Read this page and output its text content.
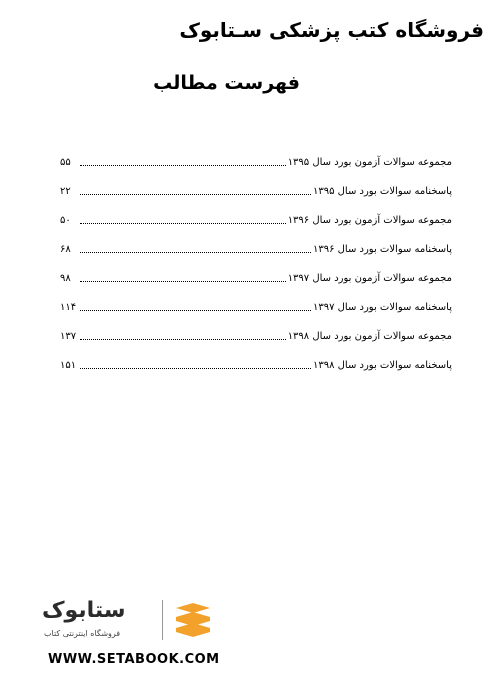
فروشگاه کتب پزشکی سـتابوک
فهرست مطالب
مجموعه سوالات آزمون بورد سال ۱۳۹۵
۵۵
پاسخنامه سوالات بورد سال ۱۳۹۵
۲۲
مجموعه سوالات آزمون بورد سال ۱۳۹۶
۵۰
پاسخنامه سوالات بورد سال ۱۳۹۶
۶۸
مجموعه سوالات آزمون بورد سال ۱۳۹۷
۹۸
پاسخنامه سوالات بورد سال ۱۳۹۷
۱۱۴
مجموعه سوالات آزمون بورد سال ۱۳۹۸
۱۳۷
پاسخنامه سوالات بورد سال ۱۳۹۸
۱۵۱
ستابوک
فروشگاه اینترنتی کتاب
WWW.SETABOOK.COM
